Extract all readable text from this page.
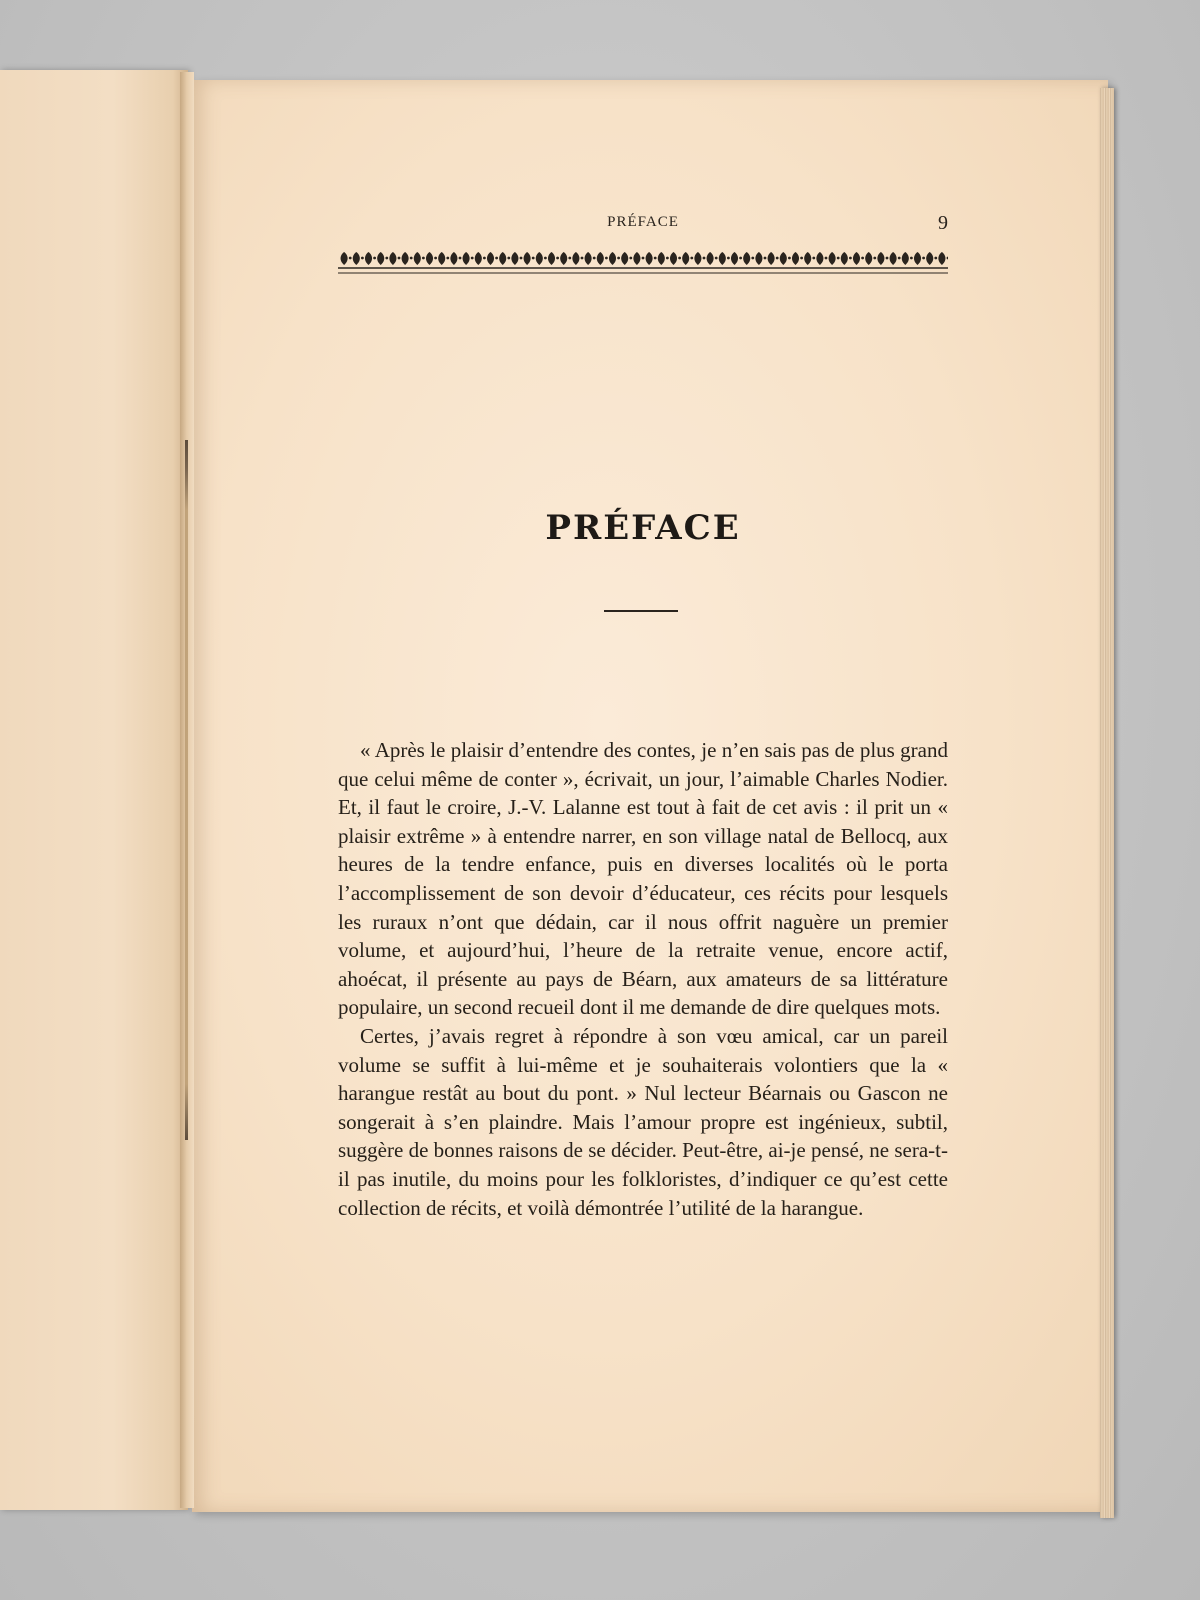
PRÉFACE	9
PRÉFACE

« Après le plaisir d’entendre des contes, je n’en sais pas de plus grand que celui même de conter », écrivait, un jour, l’aimable Charles Nodier. Et, il faut le croire, J.-V. Lalanne est tout à fait de cet avis : il prit un « plaisir extrême » à entendre narrer, en son village natal de Bellocq, aux heures de la tendre enfance, puis en diverses localités où le porta l’accomplissement de son devoir d’éducateur, ces récits pour lesquels les ruraux n’ont que dédain, car il nous offrit naguère un premier volume, et aujourd’hui, l’heure de la retraite venue, encore actif, ahoécat, il présente au pays de Béarn, aux amateurs de sa littérature populaire, un second recueil dont il me demande de dire quelques mots.

Certes, j’avais regret à répondre à son vœu amical, car un pareil volume se suffit à lui-même et je souhaiterais volontiers que la « harangue restât au bout du pont. » Nul lecteur Béarnais ou Gascon ne songerait à s’en plaindre. Mais l’amour propre est ingénieux, subtil, suggère de bonnes raisons de se décider. Peut-être, ai-je pensé, ne sera-t-il pas inutile, du moins pour les folkloristes, d’indiquer ce qu’est cette collection de récits, et voilà démontrée l’utilité de la harangue.
